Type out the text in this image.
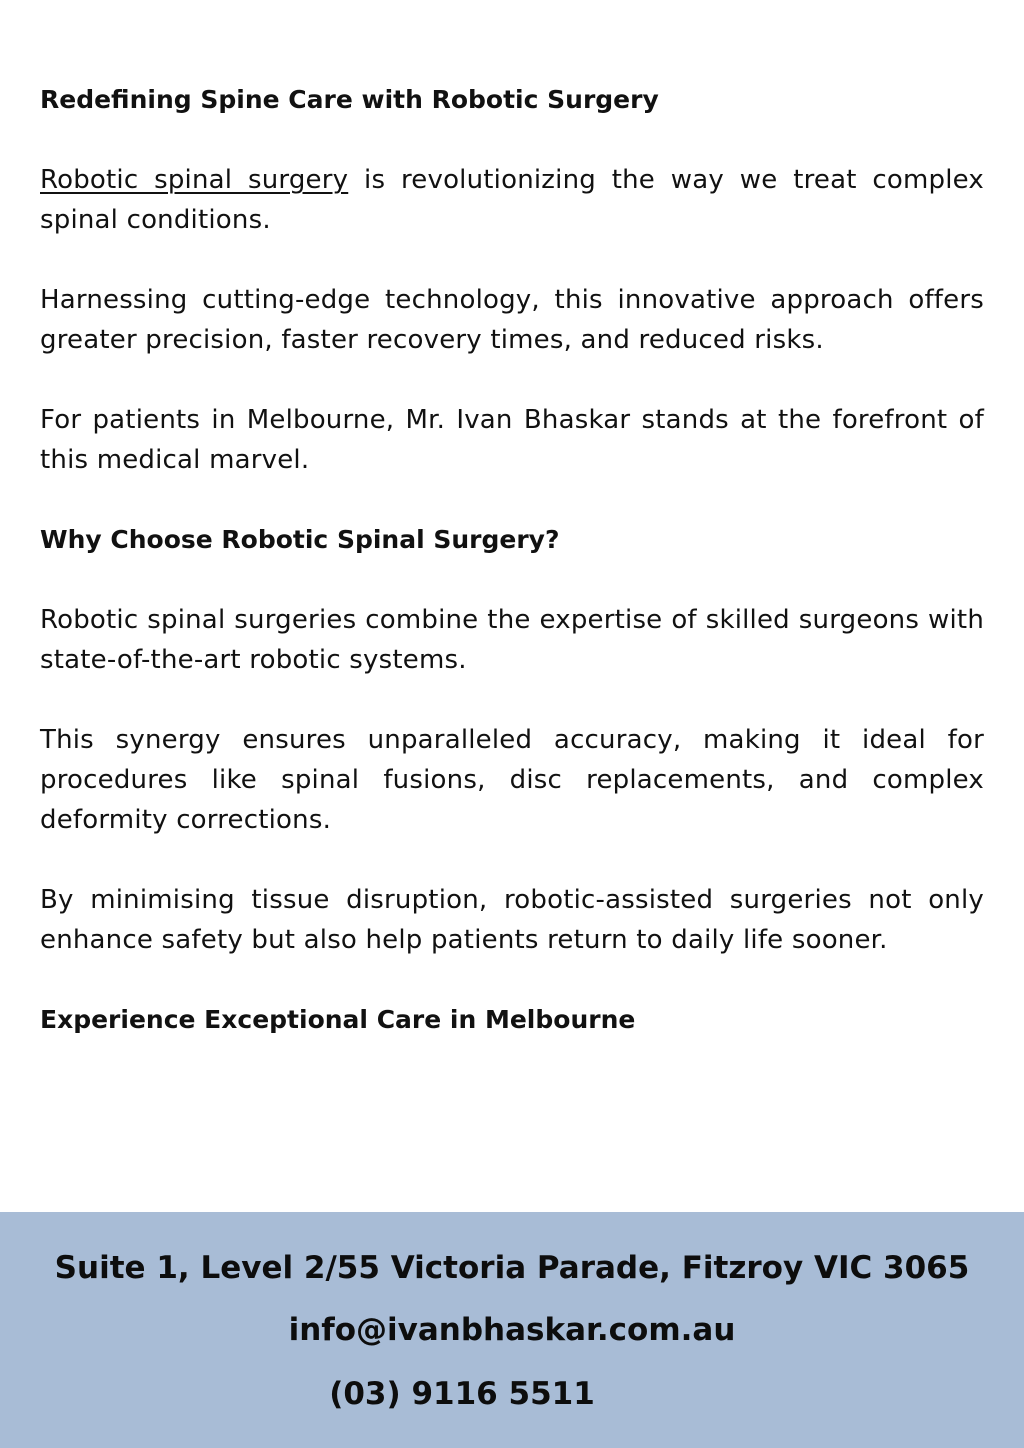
Redefining Spine Care with Robotic Surgery

Robotic spinal surgery is revolutionizing the way we treat complex spinal conditions.

Harnessing cutting-edge technology, this innovative approach offers greater precision, faster recovery times, and reduced risks.

For patients in Melbourne, Mr. Ivan Bhaskar stands at the forefront of this medical marvel.

Why Choose Robotic Spinal Surgery?

Robotic spinal surgeries combine the expertise of skilled surgeons with state-of-the-art robotic systems.

This synergy ensures unparalleled accuracy, making it ideal for procedures like spinal fusions, disc replacements, and complex deformity corrections.

By minimising tissue disruption, robotic-assisted surgeries not only enhance safety but also help patients return to daily life sooner.

Experience Exceptional Care in Melbourne
Suite 1, Level 2/55 Victoria Parade, Fitzroy VIC 3065
info@ivanbhaskar.com.au
(03) 9116 5511
